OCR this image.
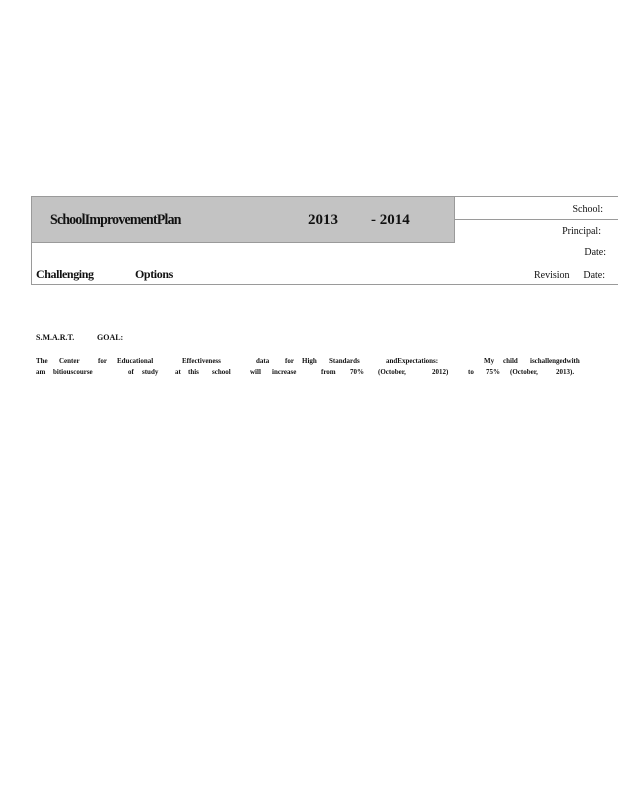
SchoolImprovementPlan	2013 - 2014
School:
Principal:
Date:
Challenging	Options	Revision Date:
S.M.A.R.T.	GOAL:
The Center	for Educational	Effectiveness	data for High Standards	andExpectations:	My child ischallengedwith
am bitiouscourse	of study at this school	will increase	from 70% (October,	2012)	to 75% (October,	2013).
